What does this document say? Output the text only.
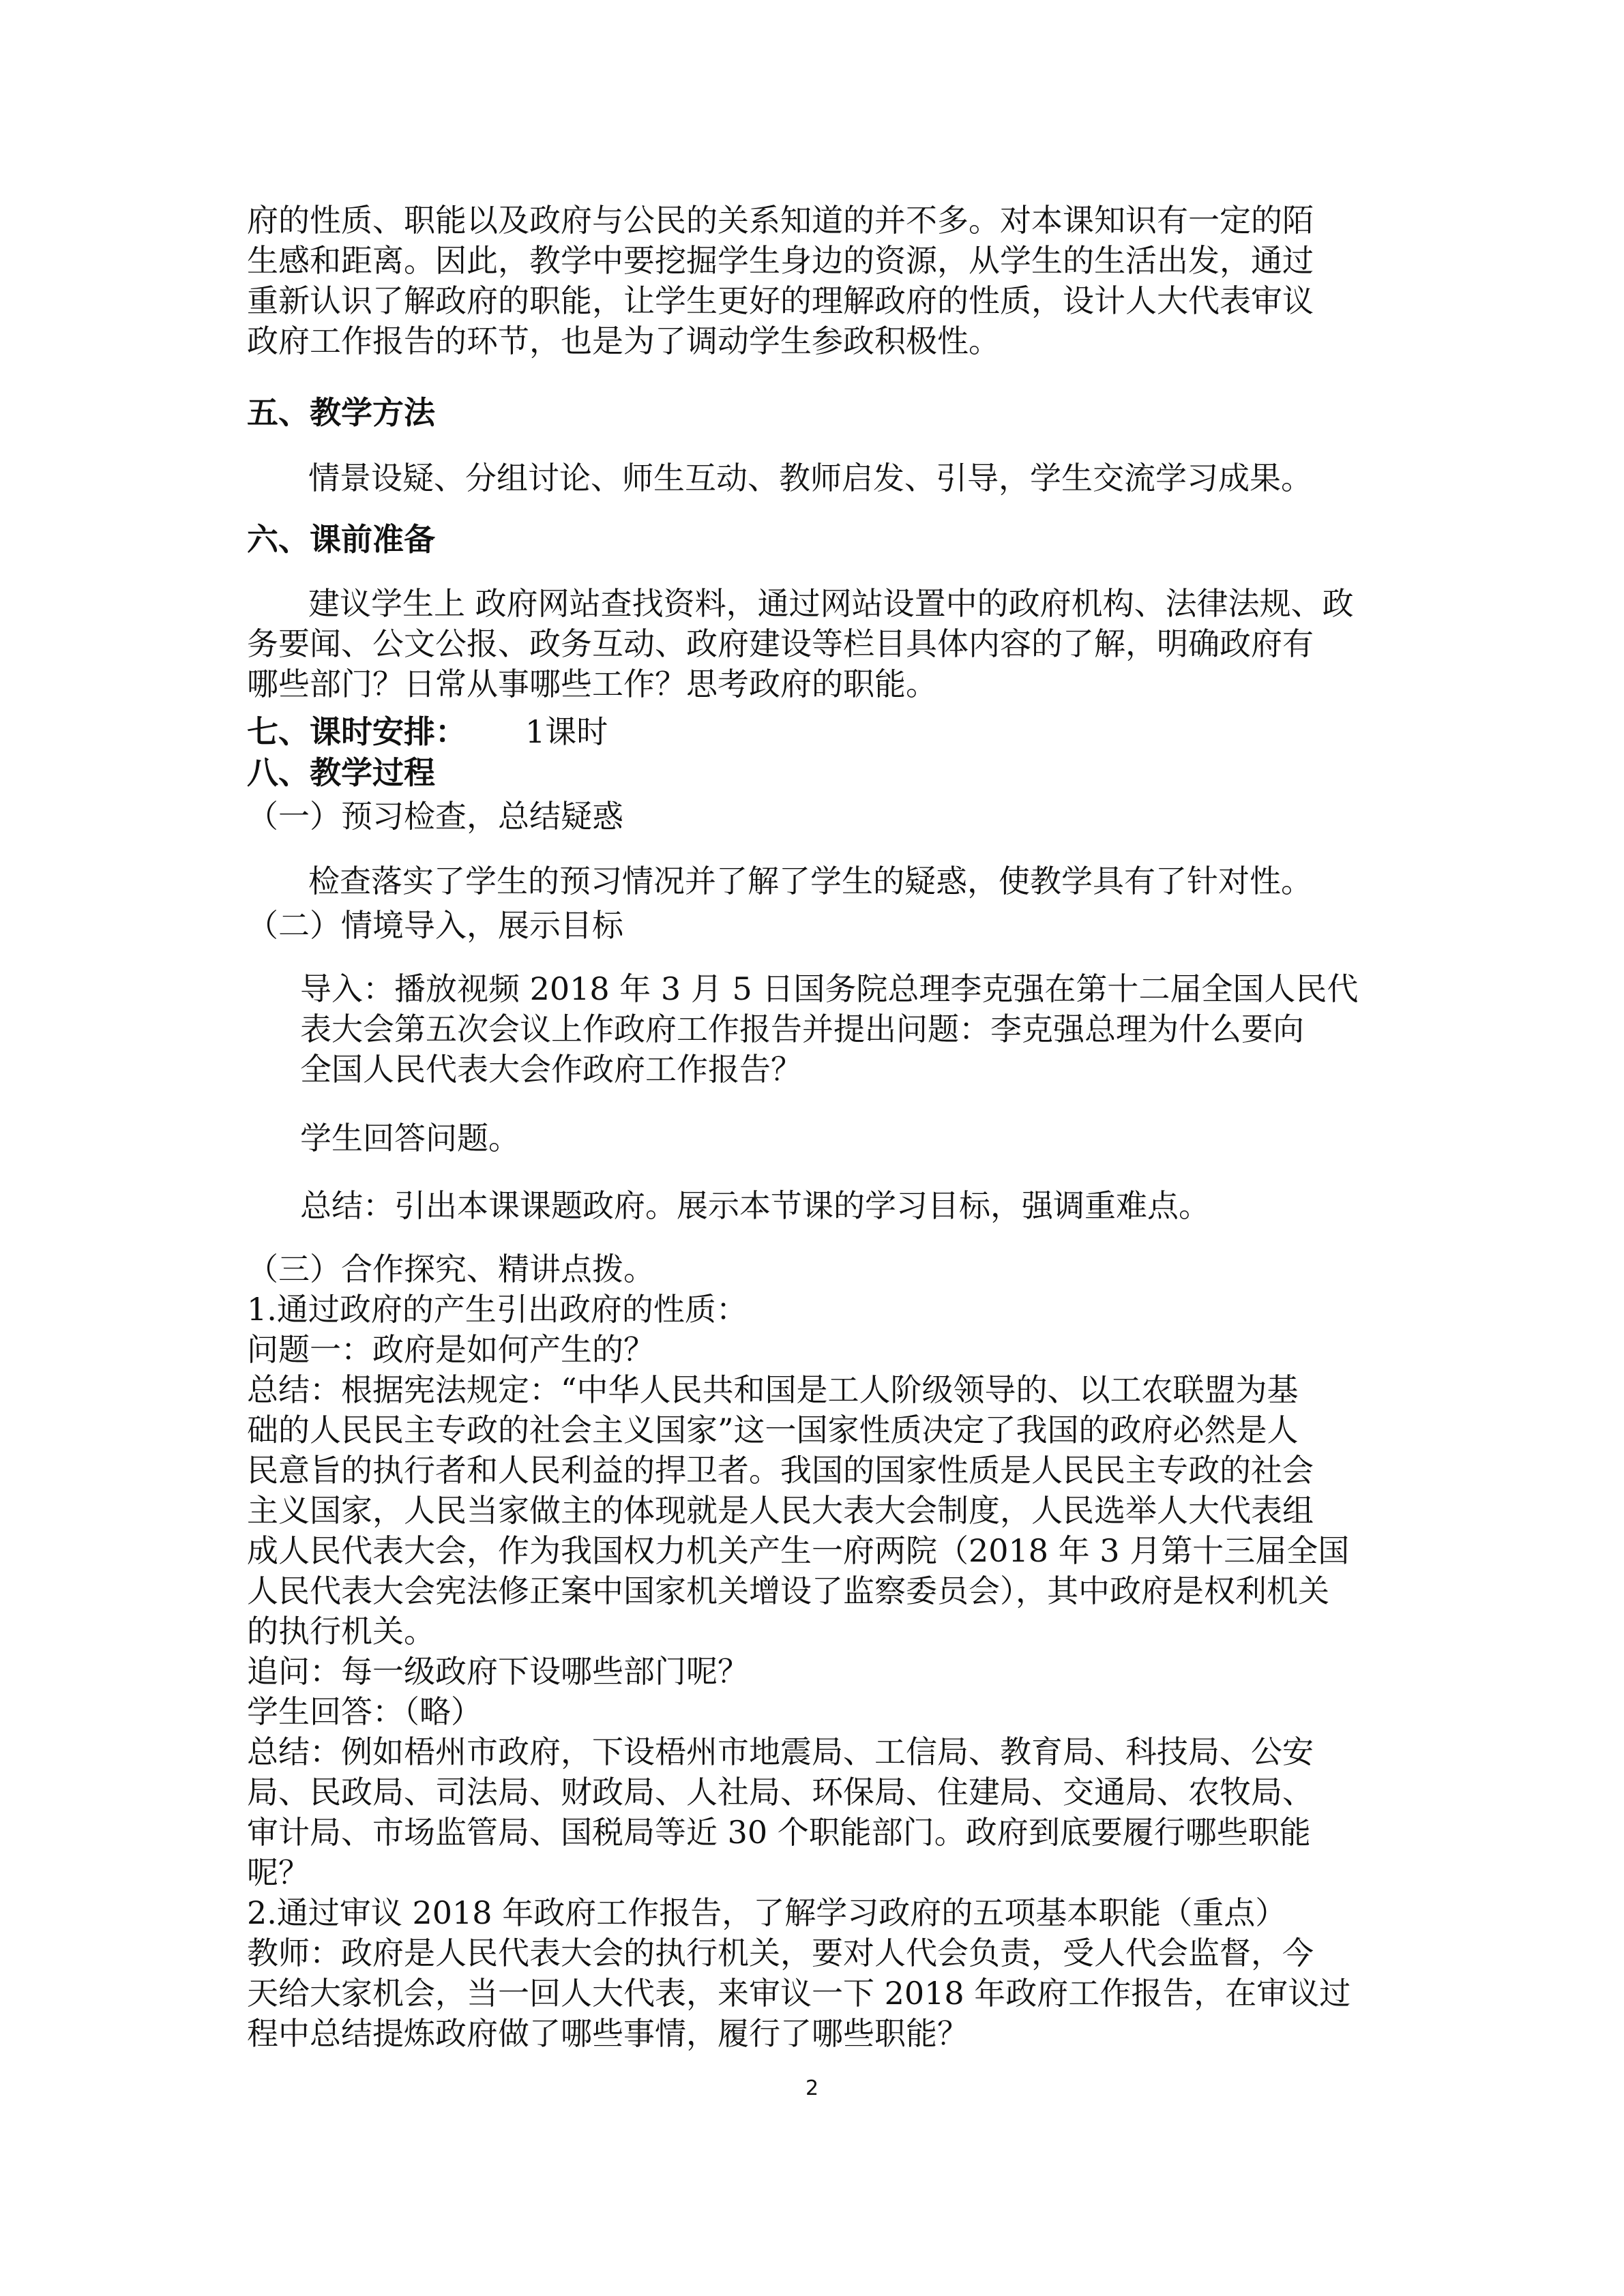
府的性质、职能以及政府与公民的关系知道的并不多。对本课知识有一定的陌
生感和距离。因此，教学中要挖掘学生身边的资源，从学生的生活出发，通过
重新认识了解政府的职能，让学生更好的理解政府的性质，设计人大代表审议
政府工作报告的环节，也是为了调动学生参政积极性。
五、教学方法
情景设疑、分组讨论、师生互动、教师启发、引导，学生交流学习成果。
六、课前准备
建议学生上 政府网站查找资料，通过网站设置中的政府机构、法律法规、政
务要闻、公文公报、政务互动、政府建设等栏目具体内容的了解，明确政府有
哪些部门？日常从事哪些工作？思考政府的职能。
七、课时安排： 1课时
八、教学过程
（一）预习检查，总结疑惑
检查落实了学生的预习情况并了解了学生的疑惑，使教学具有了针对性。
（二）情境导入，展示目标
导入：播放视频 2018 年 3 月 5 日国务院总理李克强在第十二届全国人民代
表大会第五次会议上作政府工作报告并提出问题：李克强总理为什么要向
全国人民代表大会作政府工作报告？
学生回答问题。
总结：引出本课课题政府。展示本节课的学习目标，强调重难点。
（三）合作探究、精讲点拨。
1.通过政府的产生引出政府的性质：
问题一：政府是如何产生的？
总结：根据宪法规定：“中华人民共和国是工人阶级领导的、以工农联盟为基
础的人民民主专政的社会主义国家”这一国家性质决定了我国的政府必然是人
民意旨的执行者和人民利益的捍卫者。我国的国家性质是人民民主专政的社会
主义国家，人民当家做主的体现就是人民大表大会制度，人民选举人大代表组
成人民代表大会，作为我国权力机关产生一府两院（2018 年 3 月第十三届全国
人民代表大会宪法修正案中国家机关增设了监察委员会），其中政府是权利机关
的执行机关。
追问：每一级政府下设哪些部门呢？
学生回答：（略）
总结：例如梧州市政府，下设梧州市地震局、工信局、教育局、科技局、公安
局、民政局、司法局、财政局、人社局、环保局、住建局、交通局、农牧局、
审计局、市场监管局、国税局等近 30 个职能部门。政府到底要履行哪些职能
呢？
2.通过审议 2018 年政府工作报告，了解学习政府的五项基本职能（重点）
教师：政府是人民代表大会的执行机关，要对人代会负责，受人代会监督，今
天给大家机会，当一回人大代表，来审议一下 2018 年政府工作报告，在审议过
程中总结提炼政府做了哪些事情，履行了哪些职能？
2
